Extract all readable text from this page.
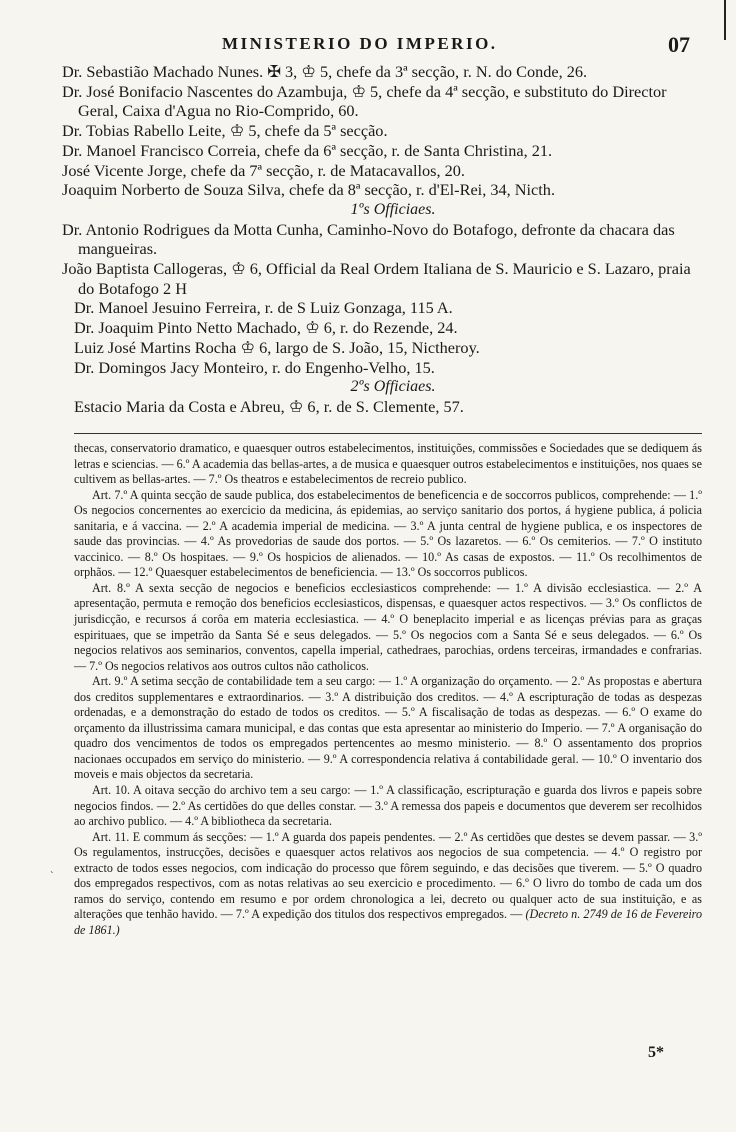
MINISTERIO DO IMPERIO.	07

Dr. Sebastião Machado Nunes. ✠ 3, ♔ 5, chefe da 3ª secção, r. N. do Conde, 26.

Dr. José Bonifacio Nascentes do Azambuja, ♔ 5, chefe da 4ª secção, e substituto do Director Geral, Caixa d'Agua no Rio-Comprido, 60.

Dr. Tobias Rabello Leite, ♔ 5, chefe da 5ª secção.

Dr. Manoel Francisco Correia, chefe da 6ª secção, r. de Santa Christina, 21.

José Vicente Jorge, chefe da 7ª secção, r. de Matacavallos, 20.

Joaquim Norberto de Souza Silva, chefe da 8ª secção, r. d'El-Rei, 34, Nicth.

1ºs Officiaes.

Dr. Antonio Rodrigues da Motta Cunha, Caminho-Novo do Botafogo, defronte da chacara das mangueiras.

João Baptista Callogeras, ♔ 6, Official da Real Ordem Italiana de S. Mauricio e S. Lazaro, praia do Botafogo 2 H

Dr. Manoel Jesuino Ferreira, r. de S Luiz Gonzaga, 115 A.

Dr. Joaquim Pinto Netto Machado, ♔ 6, r. do Rezende, 24.

Luiz José Martins Rocha ♔ 6, largo de S. João, 15, Nictheroy.

Dr. Domingos Jacy Monteiro, r. do Engenho-Velho, 15.

2ºs Officiaes.

Estacio Maria da Costa e Abreu, ♔ 6, r. de S. Clemente, 57.

thecas, conservatorio dramatico, e quaesquer outros estabelecimentos, instituições, commissões e Sociedades que se dediquem ás letras e sciencias. — 6.º A academia das bellas-artes, a de musica e quaesquer outros estabelecimentos e instituições, nos quaes se cultivem as bellas-artes. — 7.º Os theatros e estabelecimentos de recreio publico.

Art. 7.º A quinta secção de saude publica, dos estabelecimentos de beneficencia e de soccorros publicos, comprehende: — 1.º Os negocios concernentes ao exercicio da medicina, ás epidemias, ao serviço sanitario dos portos, á hygiene publica, á policia sanitaria, e á vaccina. — 2.º A academia imperial de medicina. — 3.º A junta central de hygiene publica, e os inspectores de saude das provincias. — 4.º As provedorias de saude dos portos. — 5.º Os lazaretos. — 6.º Os cemiterios. — 7.º O instituto vaccinico. — 8.º Os hospitaes. — 9.º Os hospicios de alienados. — 10.º As casas de expostos. — 11.º Os recolhimentos de orphãos. — 12.º Quaesquer estabelecimentos de beneficiencia. — 13.º Os soccorros publicos.

Art. 8.º A sexta secção de negocios e beneficios ecclesiasticos comprehende: — 1.º A divisão ecclesiastica. — 2.º A apresentação, permuta e remoção dos beneficios ecclesiasticos, dispensas, e quaesquer actos respectivos. — 3.º Os conflictos de jurisdicção, e recursos á corôa em materia ecclesiastica. — 4.º O beneplacito imperial e as licenças prévias para as graças espirituaes, que se impetrão da Santa Sé e seus delegados. — 5.º Os negocios com a Santa Sé e seus delegados. — 6.º Os negocios relativos aos seminarios, conventos, capella imperial, cathedraes, parochias, ordens terceiras, irmandades e confrarias. — 7.º Os negocios relativos aos outros cultos não catholicos.

Art. 9.º A setima secção de contabilidade tem a seu cargo: — 1.º A organização do orçamento. — 2.º As propostas e abertura dos creditos supplementares e extraordinarios. — 3.º A distribuição dos creditos. — 4.º A escripturação de todas as despezas ordenadas, e a demonstração do estado de todos os creditos. — 5.º A fiscalisação de todas as despezas. — 6.º O exame do orçamento da illustrissima camara municipal, e das contas que esta apresentar ao ministerio do Imperio. — 7.º A organisação do quadro dos vencimentos de todos os empregados pertencentes ao mesmo ministerio. — 8.º O assentamento dos proprios nacionaes occupados em serviço do ministerio. — 9.º A correspondencia relativa á contabilidade geral. — 10.º O inventario dos moveis e mais objectos da secretaria.

Art. 10. A oitava secção do archivo tem a seu cargo: — 1.º A classificação, escripturação e guarda dos livros e papeis sobre negocios findos. — 2.º As certidões do que delles constar. — 3.º A remessa dos papeis e documentos que deverem ser recolhidos ao archivo publico. — 4.º A bibliotheca da secretaria.

Art. 11. E commum ás secções: — 1.º A guarda dos papeis pendentes. — 2.º As certidões que destes se devem passar. — 3.º Os regulamentos, instrucções, decisões e quaesquer actos relativos aos negocios de sua competencia. — 4.º O registro por extracto de todos esses negocios, com indicação do processo que fôrem seguindo, e das decisões que tiverem. — 5.º O quadro dos empregados respectivos, com as notas relativas ao seu exercicio e procedimento. — 6.º O livro do tombo de cada um dos ramos do serviço, contendo em resumo e por ordem chronologica a lei, decreto ou qualquer acto de sua instituição, e as alterações que tenhão havido. — 7.º A expedição dos titulos dos respectivos empregados. — (Decreto n. 2749 de 16 de Fevereiro de 1861.)

ˋ
5*
